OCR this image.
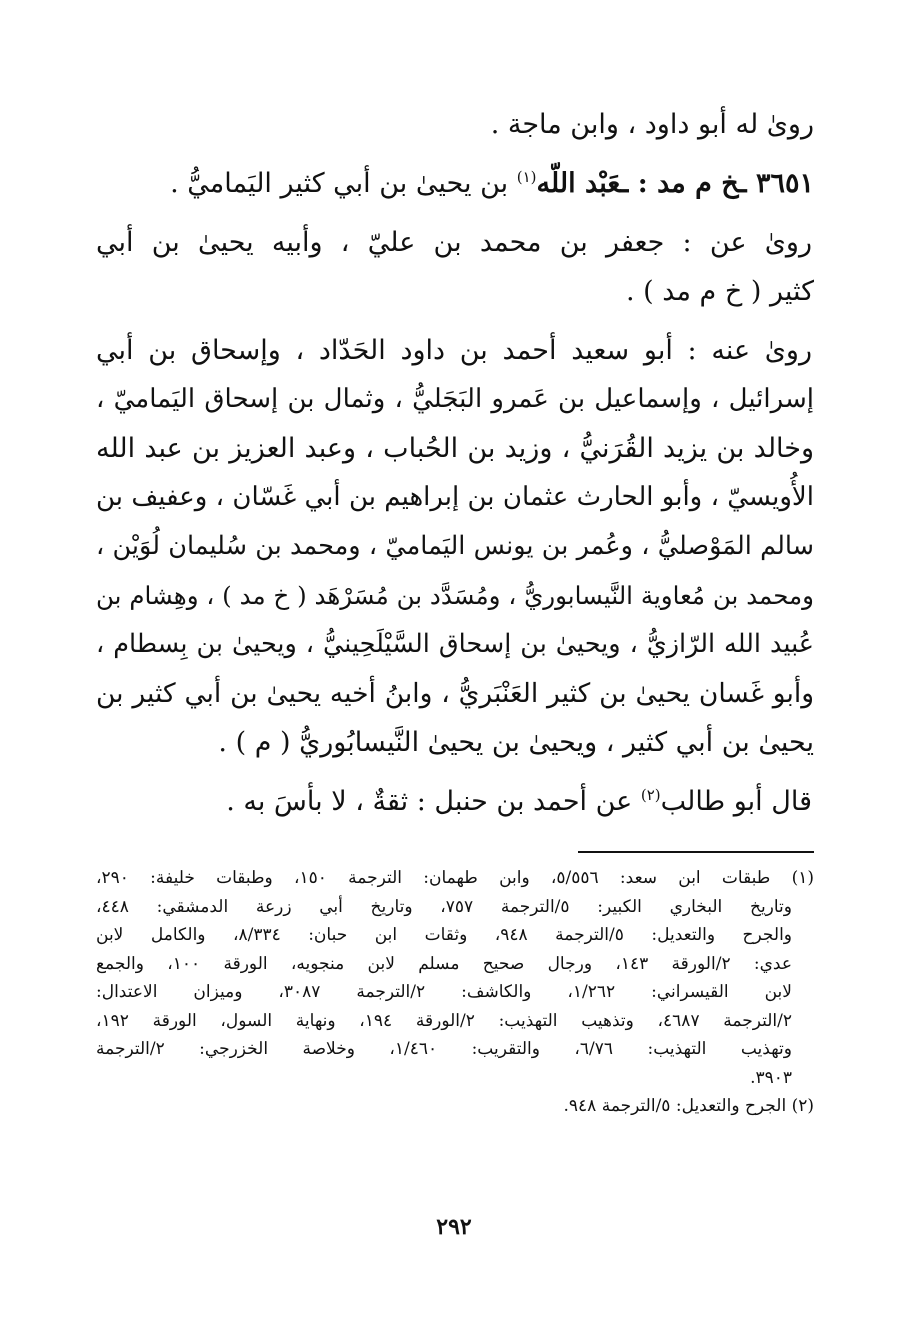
رویٰ له أبو داود ، وابن ماجة .
٣٦٥١ ـخ م مد : ـعَبْد اللّه$^{(١)}$ بن يحيىٰ بن أبي كثير اليَماميُّ .
روىٰ عن : جعفر بن محمد بن عليّ ، وأبيه يحيىٰ بن أبي
كثير ( خ م مد ) .
روىٰ عنه : أبو سعيد أحمد بن داود الحَدّاد ، وإسحاق بن أبي
إسرائيل ، وإسماعيل بن عَمرو البَجَليُّ ، وثمال بن إسحاق اليَماميّ ،
وخالد بن يزيد القُرَنيُّ ، وزيد بن الحُباب ، وعبد العزيز بن عبد الله
الأُويسيّ ، وأبو الحارث عثمان بن إبراهيم بن أبي غَسّان ، وعفيف بن
سالم المَوْصليُّ ، وعُمر بن يونس اليَماميّ ، ومحمد بن سُليمان لُوَيْن ،
ومحمد بن مُعاوية النَّيسابوريُّ ، ومُسَدَّد بن مُسَرْهَد ( خ مد ) ، وهِشام بن
عُبيد الله الرّازيُّ ، ويحيىٰ بن إسحاق السَّيْلَحِينيُّ ، ويحيىٰ بن بِسطام ،
وأبو غَسان يحيىٰ بن كثير العَنْبَريُّ ، وابنُ أخيه يحيىٰ بن أبي كثير بن
يحيىٰ بن أبي كثير ، ويحيىٰ بن يحيىٰ النَّيسابُوريُّ ( م ) .
قال أبو طالب$^{(٢)}$ عن أحمد بن حنبل : ثقةٌ ، لا بأسَ به .
(١) طبقات ابن سعد: ٥/٥٥٦، وابن طهمان: الترجمة ١٥٠، وطبقات خليفة: ٢٩٠،
وتاريخ البخاري الكبير: ٥/الترجمة ٧٥٧، وتاريخ أبي زرعة الدمشقي: ٤٤٨،
والجرح والتعديل: ٥/الترجمة ٩٤٨، وثقات ابن حبان: ٨/٣٣٤، والكامل لابن
عدي: ٢/الورقة ١٤٣، ورجال صحيح مسلم لابن منجويه، الورقة ١٠٠، والجمع
لابن القيسراني: ١/٢٦٢، والكاشف: ٢/الترجمة ٣٠٨٧، وميزان الاعتدال:
٢/الترجمة ٤٦٨٧، وتذهيب التهذيب: ٢/الورقة ١٩٤، ونهاية السول، الورقة ١٩٢،
وتهذيب التهذيب: ٦/٧٦، والتقريب: ١/٤٦٠، وخلاصة الخزرجي: ٢/الترجمة
٣٩٠٣.
(٢) الجرح والتعديل: ٥/الترجمة ٩٤٨.
٢٩٢
